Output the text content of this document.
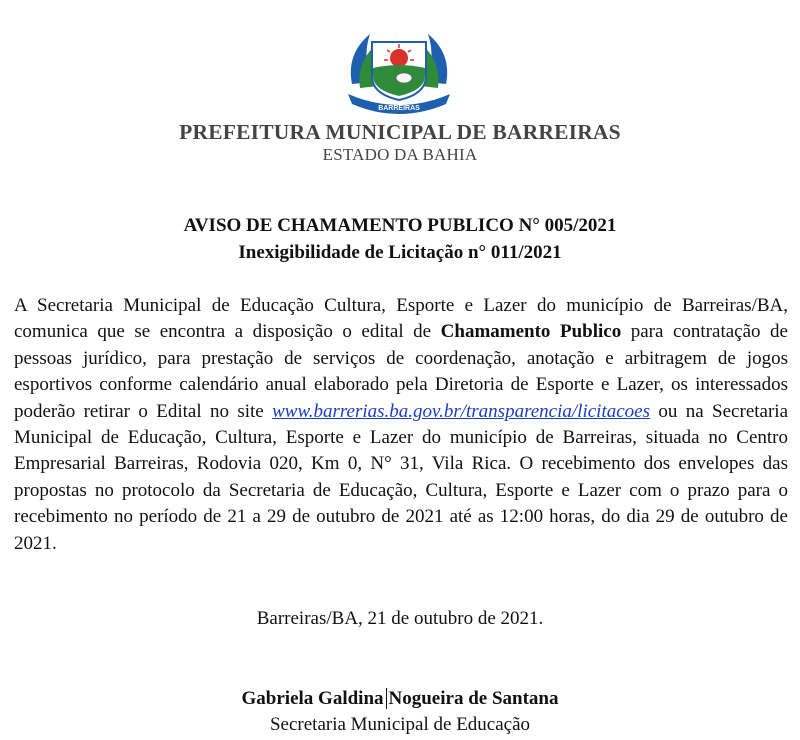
25/05	1891
BARREIRAS
PREFEITURA MUNICIPAL DE BARREIRAS
ESTADO DA BAHIA
AVISO DE CHAMAMENTO PUBLICO N° 005/2021
Inexigibilidade de Licitação n° 011/2021
A Secretaria Municipal de Educação Cultura, Esporte e Lazer do município de Barreiras/BA, comunica que se encontra a disposição o edital de Chamamento Publico para contratação de pessoas jurídico, para prestação de serviços de coordenação, anotação e arbitragem de jogos esportivos conforme calendário anual elaborado pela Diretoria de Esporte e Lazer, os interessados poderão retirar o Edital no site www.barrerias.ba.gov.br/transparencia/licitacoes ou na Secretaria Municipal de Educação, Cultura, Esporte e Lazer do município de Barreiras, situada no Centro Empresarial Barreiras, Rodovia 020, Km 0, N° 31, Vila Rica. O recebimento dos envelopes das propostas no protocolo da Secretaria de Educação, Cultura, Esporte e Lazer com o prazo para o recebimento no período de 21 a 29 de outubro de 2021 até as 12:00 horas, do dia 29 de outubro de 2021.
Barreiras/BA, 21 de outubro de 2021.
Gabriela Galdina Nogueira de Santana
Secretaria Municipal de Educação
